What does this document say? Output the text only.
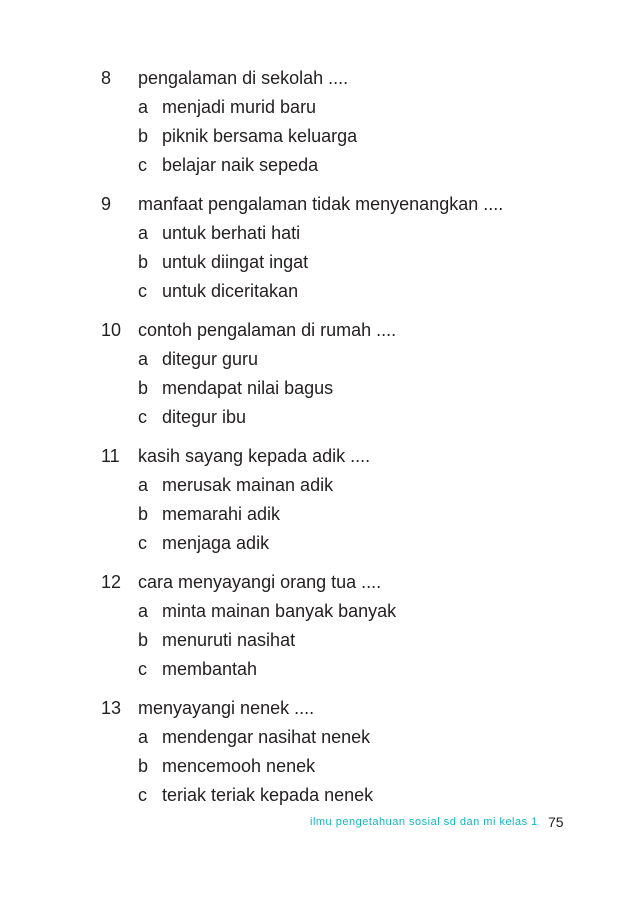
8	pengalaman di sekolah ....
a menjadi murid baru
b piknik bersama keluarga
c belajar naik sepeda
9	manfaat pengalaman tidak menyenangkan ....
a untuk berhati hati
b untuk diingat ingat
c untuk diceritakan
10 contoh pengalaman di rumah ....
a ditegur guru
b mendapat nilai bagus
c ditegur ibu
11	kasih sayang kepada adik ....
a merusak mainan adik
b memarahi adik
c menjaga adik
12 cara menyayangi orang tua ....
a minta mainan banyak banyak
b menuruti nasihat
c membantah
13 menyayangi nenek ....
a mendengar nasihat nenek
b mencemooh nenek
c teriak teriak kepada nenek
ilmu pengetahuan sosial sd dan mi kelas 1 75
